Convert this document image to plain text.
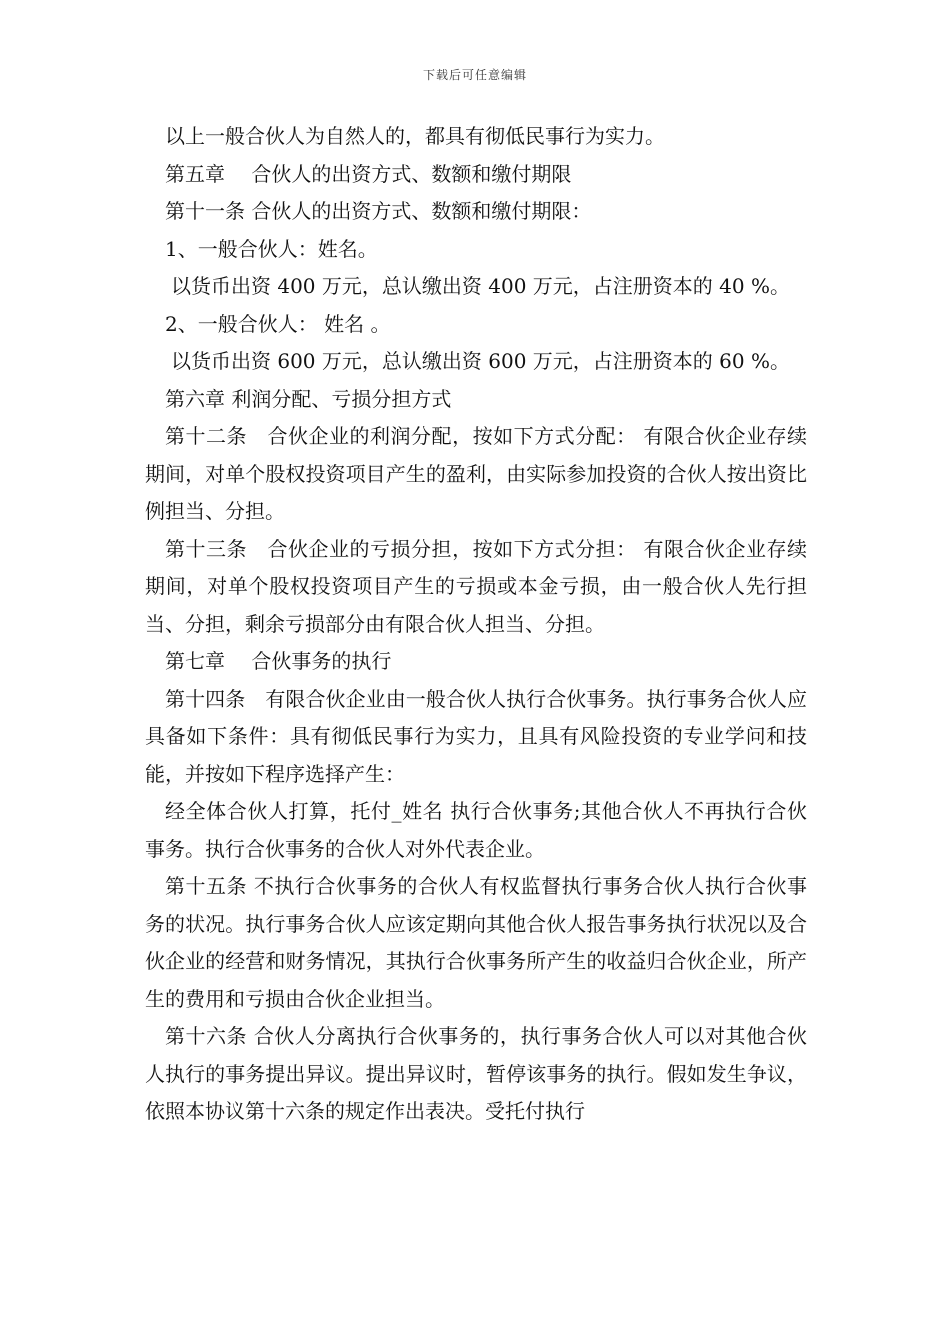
下载后可任意编辑

以上一般合伙人为自然人的，都具有彻低民事行为实力。

第五章　 合伙人的出资方式、数额和缴付期限

第十一条 合伙人的出资方式、数额和缴付期限：

1、一般合伙人：姓名。

以货币出资 400 万元，总认缴出资 400 万元，占注册资本的 40 %。

2、一般合伙人： 姓名 。

以货币出资 600 万元，总认缴出资 600 万元，占注册资本的 60 %。

第六章 利润分配、亏损分担方式

第十二条　合伙企业的利润分配，按如下方式分配： 有限合伙企业存续期间，对单个股权投资项目产生的盈利，由实际参加投资的合伙人按出资比例担当、分担。

第十三条　合伙企业的亏损分担，按如下方式分担： 有限合伙企业存续期间，对单个股权投资项目产生的亏损或本金亏损，由一般合伙人先行担当、分担，剩余亏损部分由有限合伙人担当、分担。

第七章　 合伙事务的执行

第十四条　有限合伙企业由一般合伙人执行合伙事务。执行事务合伙人应具备如下条件：具有彻低民事行为实力，且具有风险投资的专业学问和技能，并按如下程序选择产生：

经全体合伙人打算，托付_姓名 执行合伙事务;其他合伙人不再执行合伙事务。执行合伙事务的合伙人对外代表企业。

第十五条 不执行合伙事务的合伙人有权监督执行事务合伙人执行合伙事务的状况。执行事务合伙人应该定期向其他合伙人报告事务执行状况以及合伙企业的经营和财务情况，其执行合伙事务所产生的收益归合伙企业，所产生的费用和亏损由合伙企业担当。

第十六条 合伙人分离执行合伙事务的，执行事务合伙人可以对其他合伙人执行的事务提出异议。提出异议时，暂停该事务的执行。假如发生争议，依照本协议第十六条的规定作出表决。受托付执行
